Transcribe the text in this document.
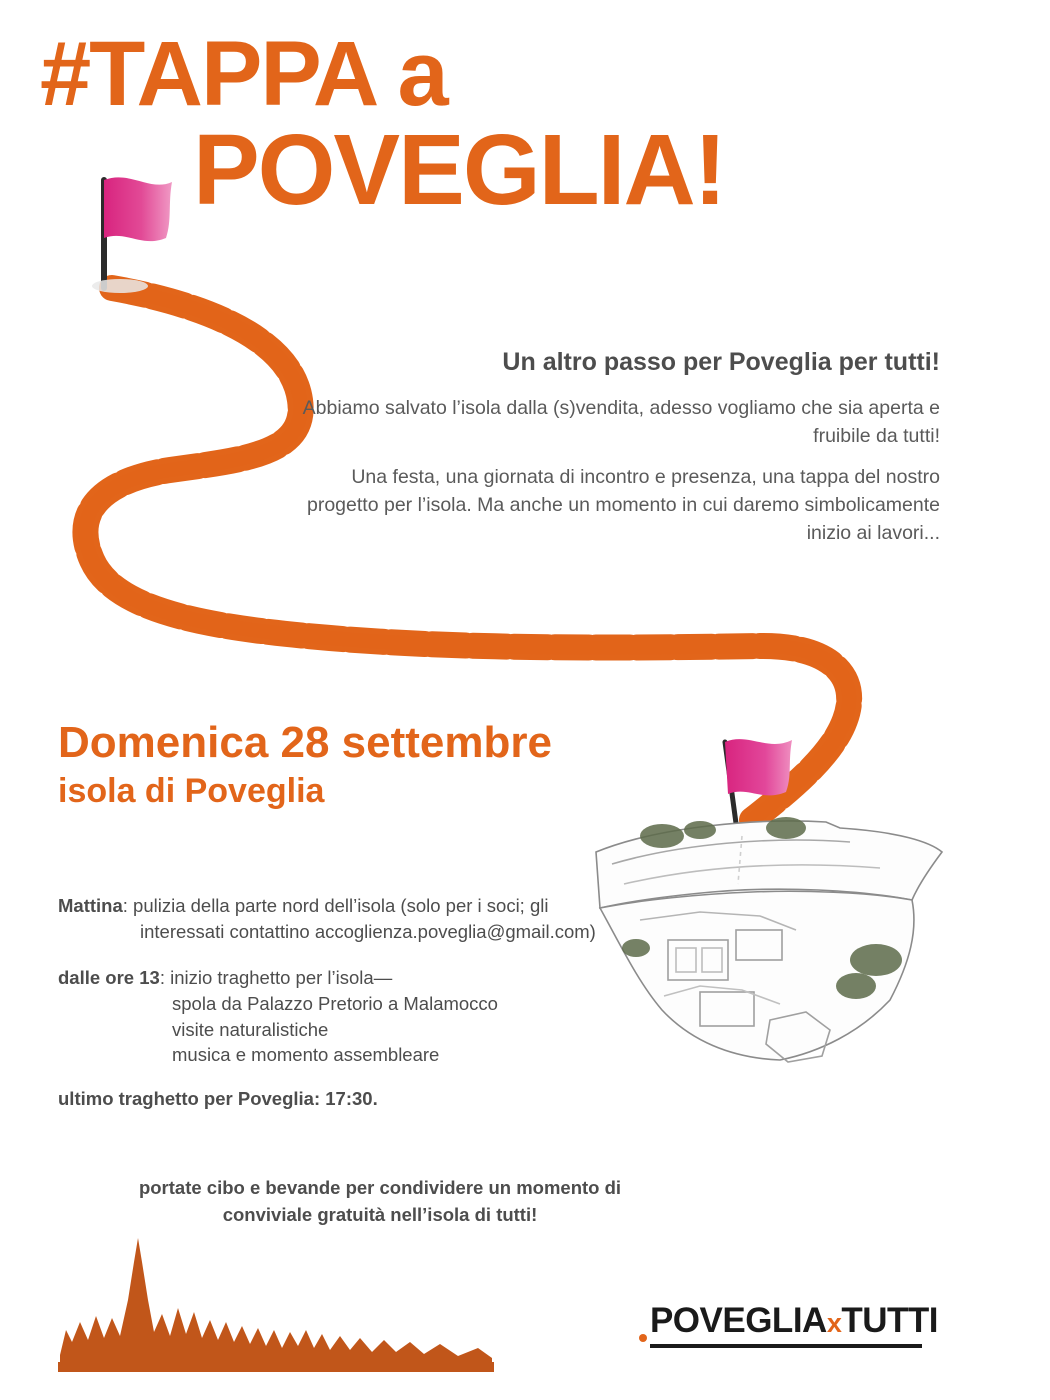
#TAPPA a
POVEGLIA!

Un altro passo per Poveglia per tutti!

Abbiamo salvato l’isola dalla (s)vendita, adesso vogliamo che sia aperta e fruibile da tutti!

Una festa, una giornata di incontro e presenza, una tappa del nostro progetto per l’isola. Ma anche un momento in cui daremo simbolicamente inizio ai lavori...

Domenica 28 settembre

isola di Poveglia

Mattina: pulizia della parte nord dell’isola (solo per i soci; gli
interessati contattino accoglienza.poveglia@gmail.com)
dalle ore 13: inizio traghetto per l’isola—
spola da Palazzo Pretorio a Malamocco
visite naturalistiche
musica e momento assembleare
ultimo traghetto per Poveglia: 17:30.
portate cibo e bevande per condividere un momento di conviviale gratuità nell’isola di tutti!
POVEGLIAxTUTTI
